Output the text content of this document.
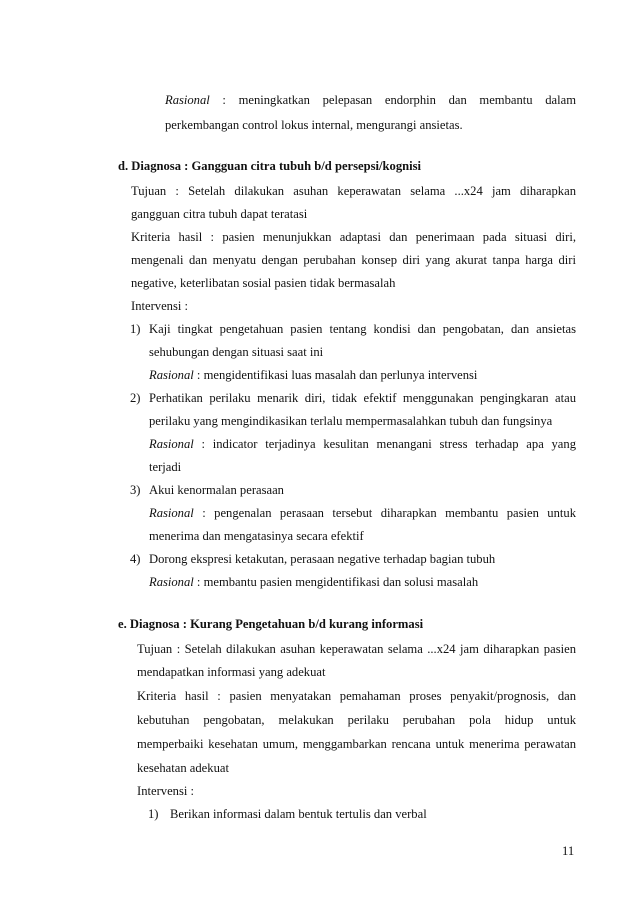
Rasional : meningkatkan pelepasan endorphin dan membantu dalam
perkembangan control lokus internal, mengurangi ansietas.
d. Diagnosa : Gangguan citra tubuh b/d persepsi/kognisi
Tujuan : Setelah dilakukan asuhan keperawatan selama ...x24 jam diharapkan
gangguan citra tubuh dapat teratasi
Kriteria hasil : pasien menunjukkan adaptasi dan penerimaan pada situasi diri,
mengenali dan menyatu dengan perubahan konsep diri yang akurat tanpa harga diri
negative, keterlibatan sosial pasien tidak bermasalah
Intervensi :
1) Kaji tingkat pengetahuan pasien tentang kondisi dan pengobatan, dan ansietas
sehubungan dengan situasi saat ini
Rasional : mengidentifikasi luas masalah dan perlunya intervensi
2) Perhatikan perilaku menarik diri, tidak efektif menggunakan pengingkaran atau
perilaku yang mengindikasikan terlalu mempermasalahkan tubuh dan fungsinya
Rasional : indicator terjadinya kesulitan menangani stress terhadap apa yang
terjadi
3) Akui kenormalan perasaan
Rasional : pengenalan perasaan tersebut diharapkan membantu pasien untuk
menerima dan mengatasinya secara efektif
4) Dorong ekspresi ketakutan, perasaan negative terhadap bagian tubuh
Rasional : membantu pasien mengidentifikasi dan solusi masalah
e. Diagnosa : Kurang Pengetahuan b/d kurang informasi
Tujuan : Setelah dilakukan asuhan keperawatan selama ...x24 jam diharapkan pasien
mendapatkan informasi yang adekuat
Kriteria hasil : pasien menyatakan pemahaman proses penyakit/prognosis, dan
kebutuhan pengobatan, melakukan perilaku perubahan pola hidup untuk
memperbaiki kesehatan umum, menggambarkan rencana untuk menerima perawatan
kesehatan adekuat
Intervensi :
1) Berikan informasi dalam bentuk tertulis dan verbal
11
